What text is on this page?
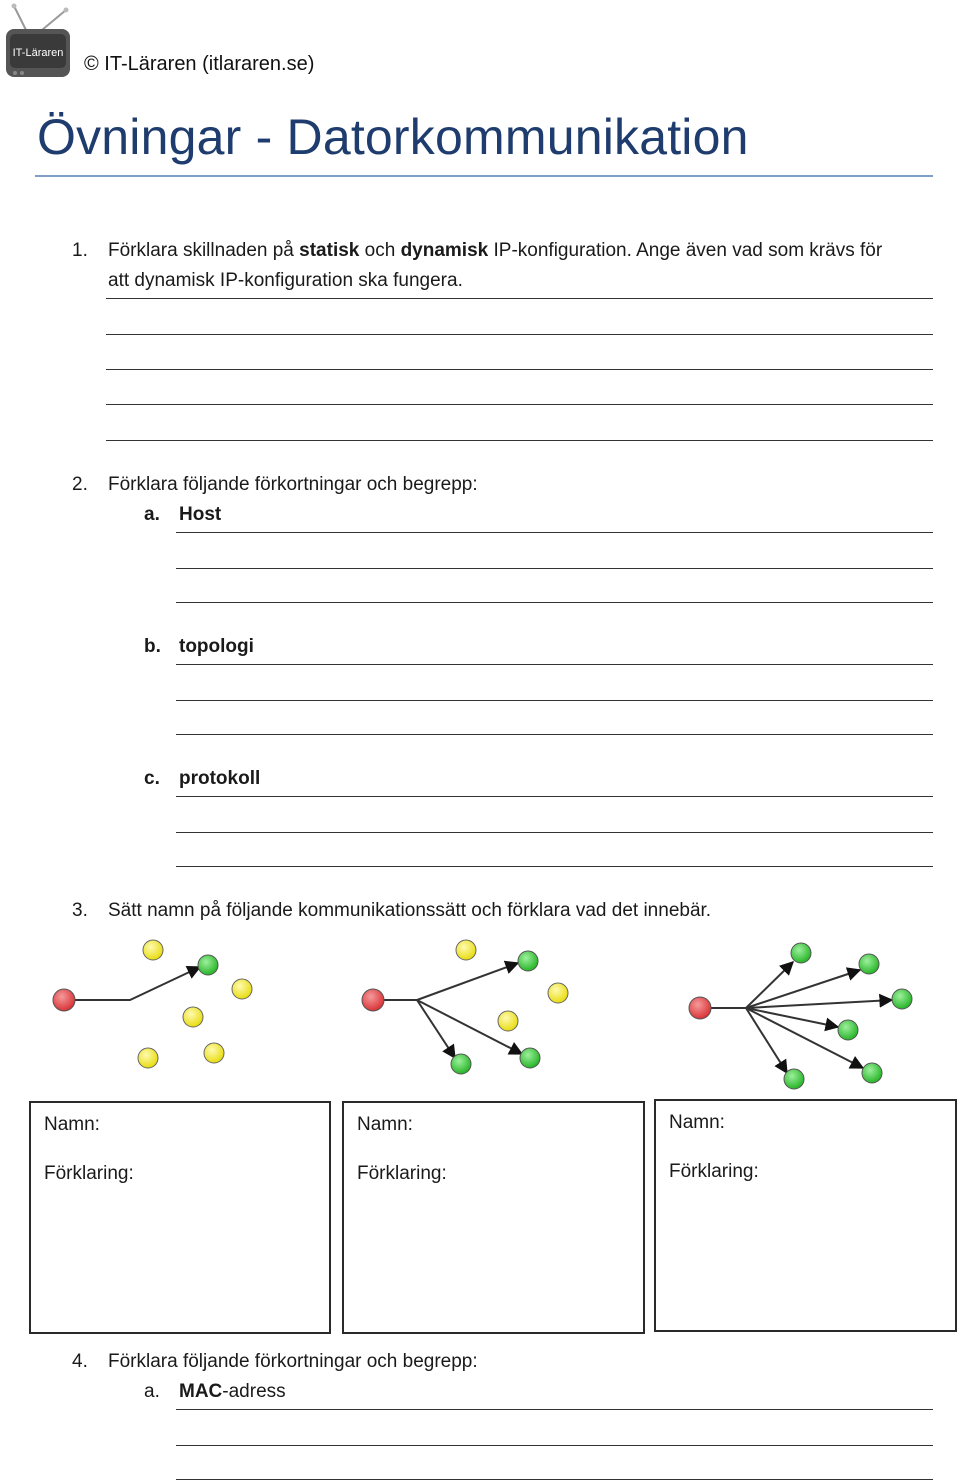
IT-Läraren © IT-Läraren (itlararen.se)
Övningar - Datorkommunikation
1. Förklara skillnaden på statisk och dynamisk IP-konfiguration. Ange även vad som krävs för
att dynamisk IP-konfiguration ska fungera.
2. Förklara följande förkortningar och begrepp:
a. Host
b. topologi
c. protokoll
3. Sätt namn på följande kommunikationssätt och förklara vad det innebär.
Namn:
Förklaring:
Namn:
Förklaring:
Namn:
Förklaring:
4. Förklara följande förkortningar och begrepp:
a. MAC-adress
